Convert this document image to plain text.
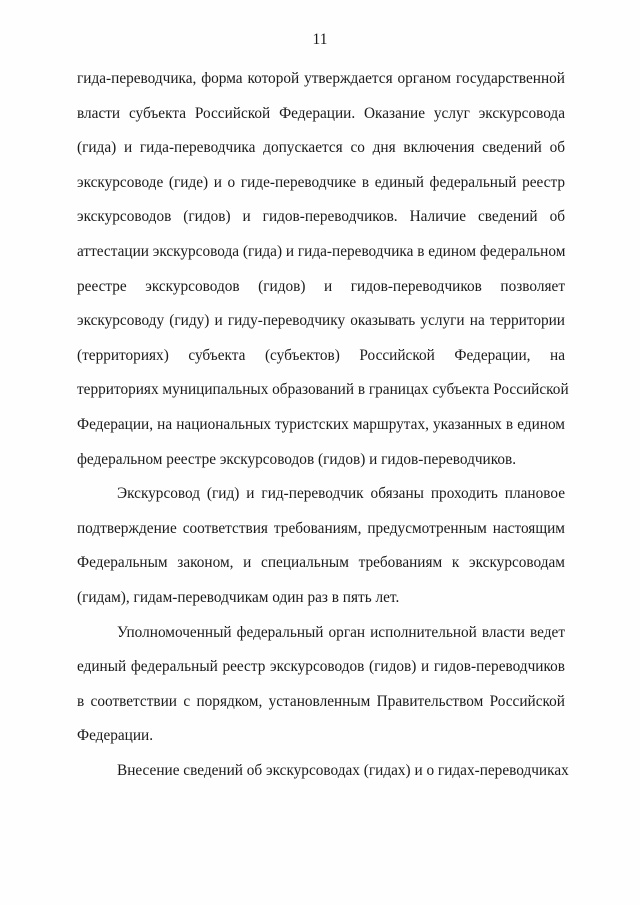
11
гида-переводчика, форма которой утверждается органом государственной
власти субъекта Российской Федерации. Оказание услуг экскурсовода
(гида) и гида-переводчика допускается со дня включения сведений об
экскурсоводе (гиде) и о гиде-переводчике в единый федеральный реестр
экскурсоводов (гидов) и гидов-переводчиков. Наличие сведений об
аттестации экскурсовода (гида) и гида-переводчика в едином федеральном
реестре экскурсоводов (гидов) и гидов-переводчиков позволяет
экскурсоводу (гиду) и гиду-переводчику оказывать услуги на территории
(территориях) субъекта (субъектов) Российской Федерации, на
территориях муниципальных образований в границах субъекта Российской
Федерации, на национальных туристских маршрутах, указанных в едином
федеральном реестре экскурсоводов (гидов) и гидов-переводчиков.
Экскурсовод (гид) и гид-переводчик обязаны проходить плановое
подтверждение соответствия требованиям, предусмотренным настоящим
Федеральным законом, и специальным требованиям к экскурсоводам
(гидам), гидам-переводчикам один раз в пять лет.
Уполномоченный федеральный орган исполнительной власти ведет
единый федеральный реестр экскурсоводов (гидов) и гидов-переводчиков
в соответствии с порядком, установленным Правительством Российской
Федерации.
Внесение сведений об экскурсоводах (гидах) и о гидах-переводчиках
